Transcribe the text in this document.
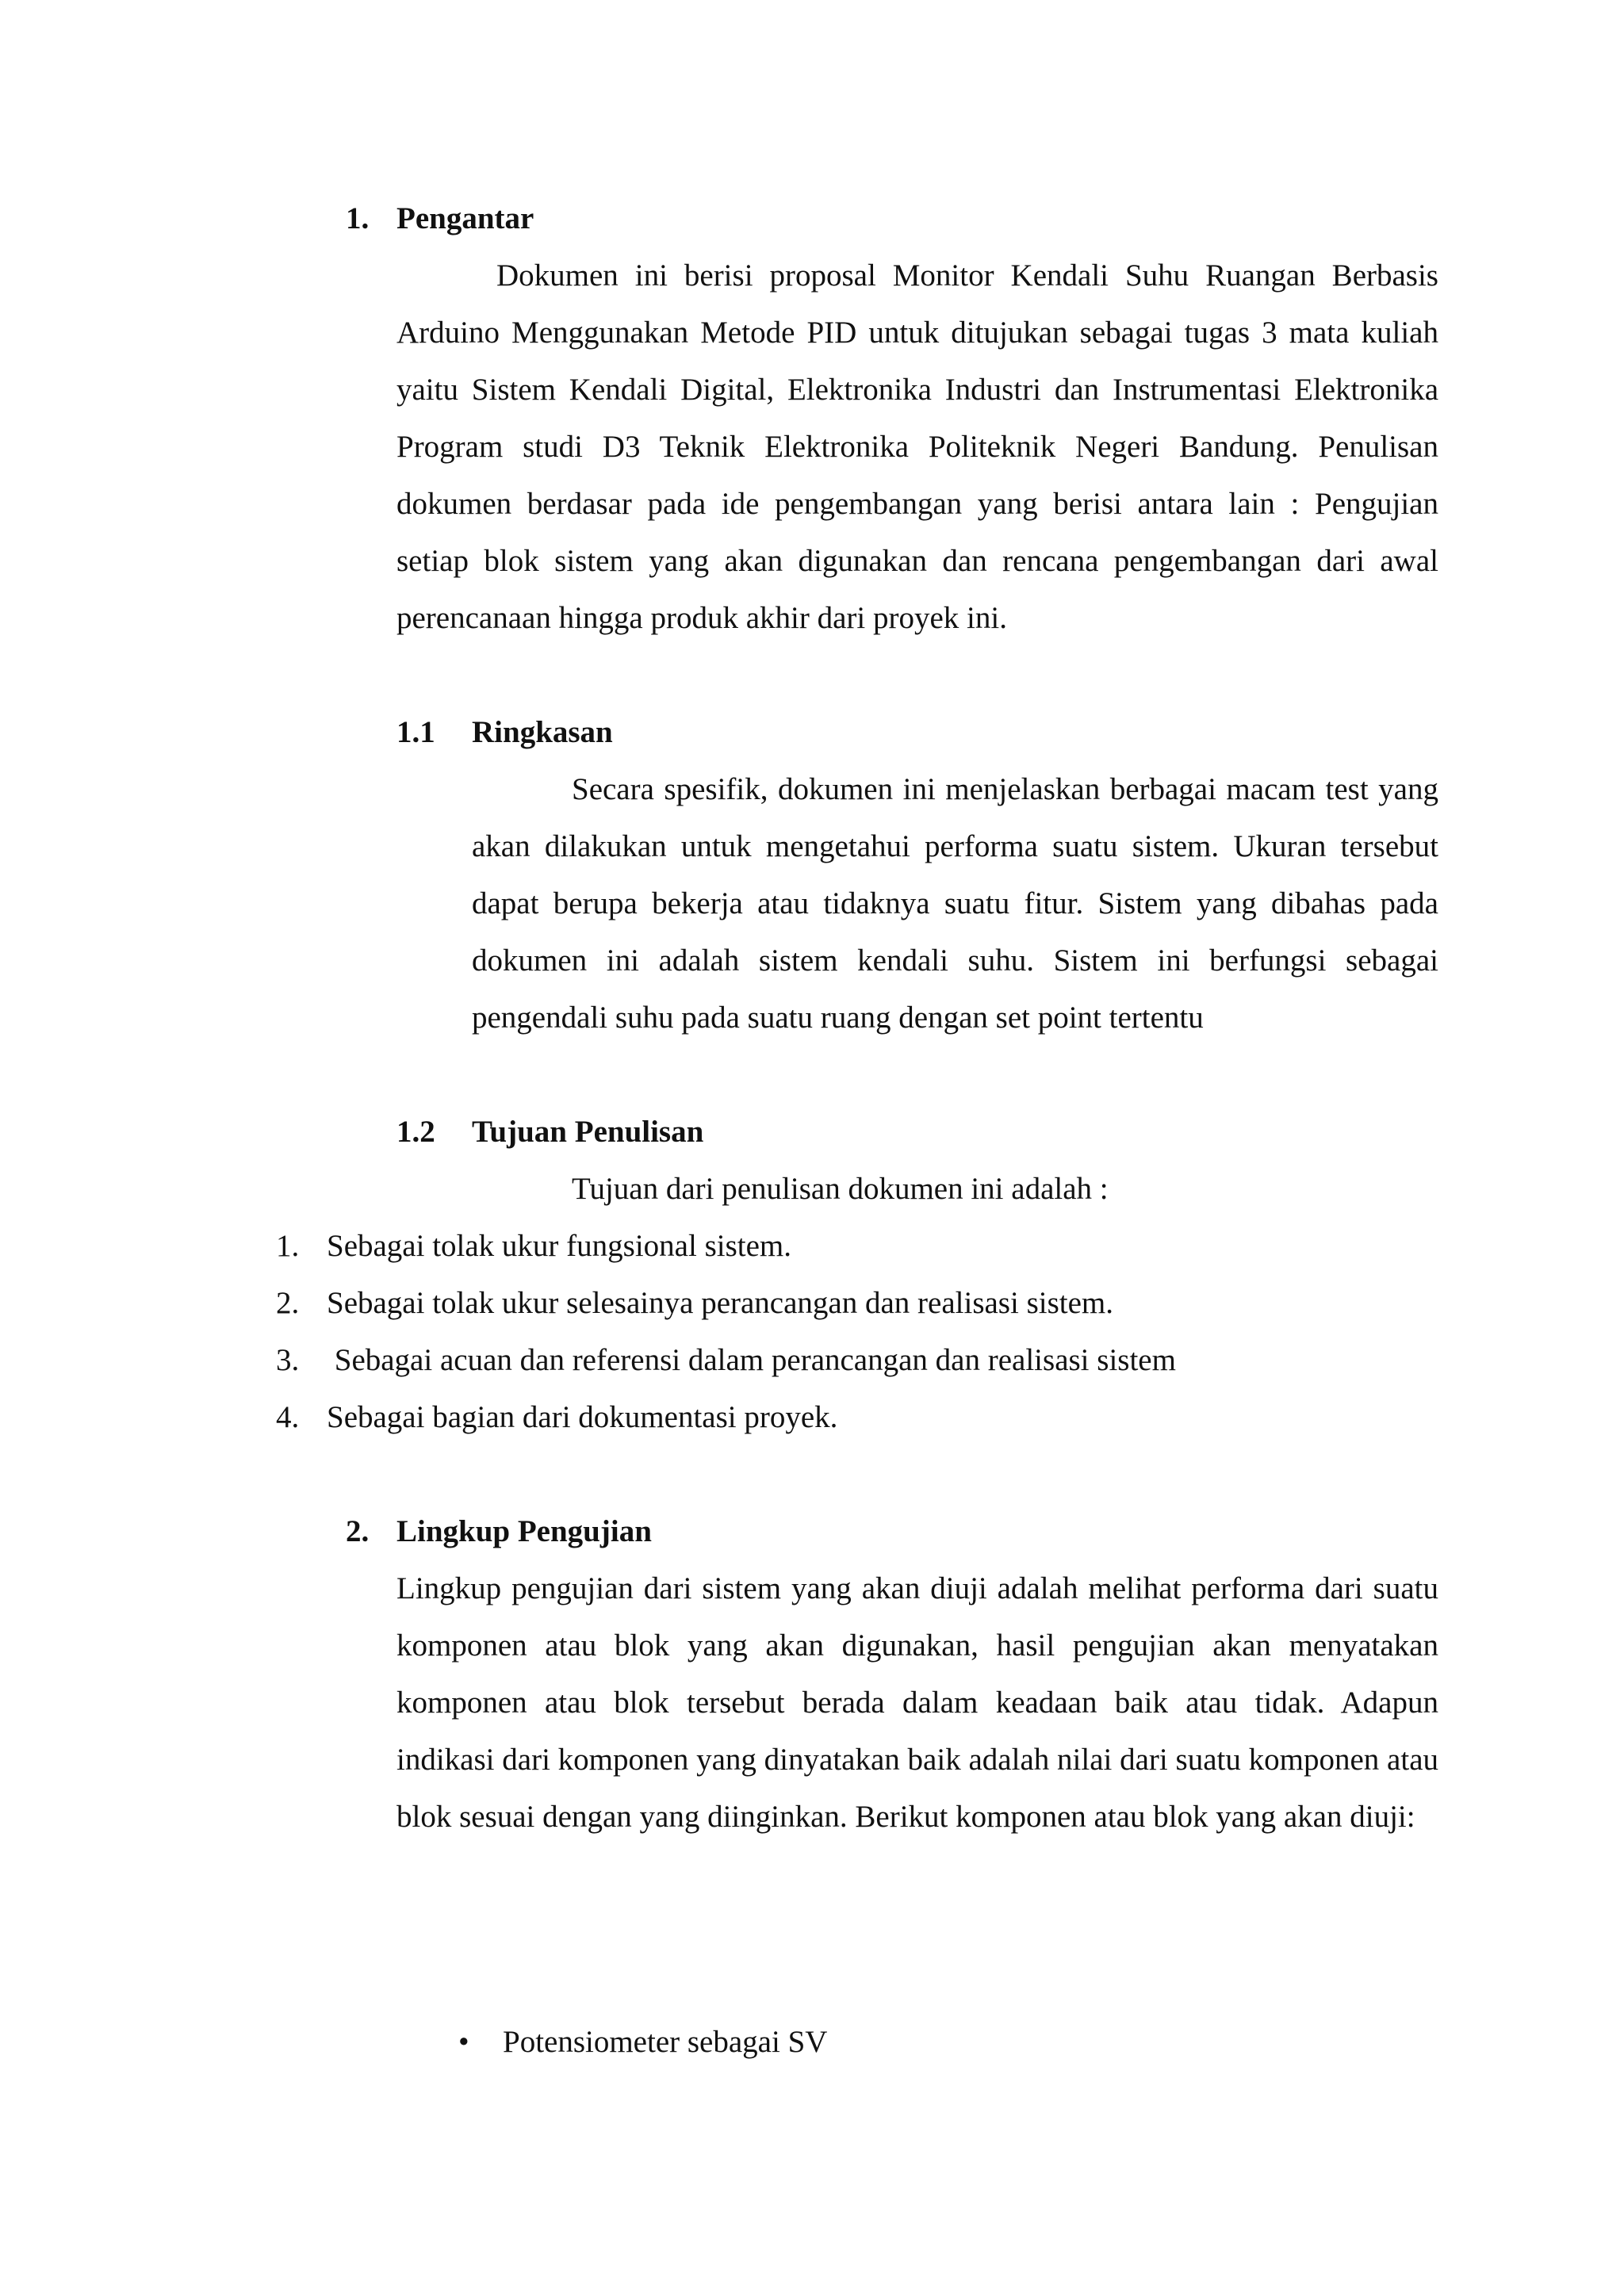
1. Pengantar

Dokumen ini berisi proposal Monitor Kendali Suhu Ruangan Berbasis Arduino Menggunakan Metode PID untuk ditujukan sebagai tugas 3 mata kuliah yaitu Sistem Kendali Digital, Elektronika Industri dan Instrumentasi Elektronika Program studi D3 Teknik Elektronika Politeknik Negeri Bandung. Penulisan dokumen berdasar pada ide pengembangan yang berisi antara lain : Pengujian setiap blok sistem yang akan digunakan dan rencana pengembangan dari awal perencanaan hingga produk akhir dari proyek ini.

1.1 Ringkasan

Secara spesifik, dokumen ini menjelaskan berbagai macam test yang akan dilakukan untuk mengetahui performa suatu sistem. Ukuran tersebut dapat berupa bekerja atau tidaknya suatu fitur. Sistem yang dibahas pada dokumen ini adalah sistem kendali suhu. Sistem ini berfungsi sebagai pengendali suhu pada suatu ruang dengan set point tertentu

1.2 Tujuan Penulisan
Tujuan dari penulisan dokumen ini adalah :
1. Sebagai tolak ukur fungsional sistem.
2. Sebagai tolak ukur selesainya perancangan dan realisasi sistem.
3. Sebagai acuan dan referensi dalam perancangan dan realisasi sistem
4. Sebagai bagian dari dokumentasi proyek.
2. Lingkup Pengujian

Lingkup pengujian dari sistem yang akan diuji adalah melihat performa dari suatu komponen atau blok yang akan digunakan, hasil pengujian akan menyatakan komponen atau blok tersebut berada dalam keadaan baik atau tidak. Adapun indikasi dari komponen yang dinyatakan baik adalah nilai dari suatu komponen atau blok sesuai dengan yang diinginkan. Berikut komponen atau blok yang akan diuji:

• Potensiometer sebagai SV
